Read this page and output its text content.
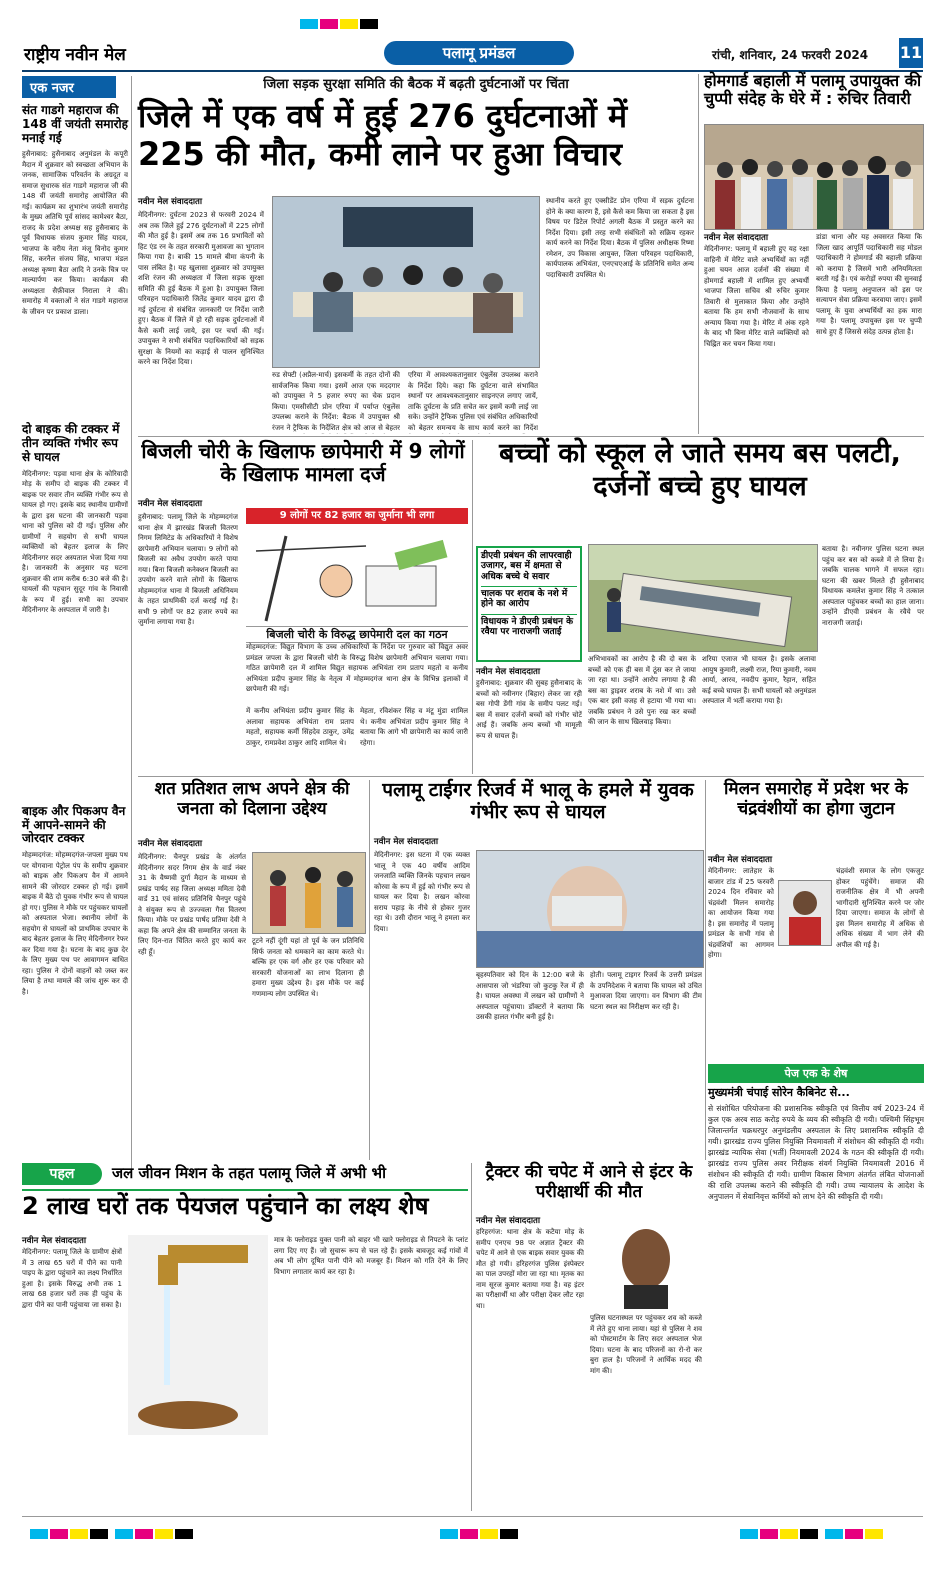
राष्ट्रीय नवीन मेल	पलामू प्रमंडल	रांची, शनिवार, 24 फरवरी 2024 11
एक नजर
संत गाडगे महाराज की 148 वीं जयंती समारोह मनाई गई
हुसैनाबाद: हुसैनाबाद अनुमंडल के कपूरी मैदान में शुक्रवार को स्वच्छता अभियान के जनक, सामाजिक परिवर्तन के अग्रदूत व समाज सुधारक संत गाडगे महाराज जी की 148 वीं जयंती समारोह आयोजित की गई। कार्यक्रम का शुभारंभ जयंती समारोह के मुख्य अतिथि पूर्व सांसद कामेश्वर बैठा, राजद के प्रदेश अध्यक्ष सह हुसैनाबाद के पूर्व विधायक संजय कुमार सिंह यादव, भाजपा के वरीय नेता मंजू विनोद कुमार सिंह, करनैल संजय सिंह, भाजपा मंडल अध्यक्ष कृष्णा बैठा आदि ने उनके चित्र पर माल्यार्पण कर किया। कार्यक्रम की अध्यक्षता सैफ़ीवाल निराला ने की। समारोह में वक्ताओं ने संत गाडगे महाराज के जीवन पर प्रकाश डाला।
दो बाइक की टक्कर में तीन व्यक्ति गंभीर रूप से घायल
मेदिनीनगर: पड़वा थाना क्षेत्र के कोरिवादी मोड़ के समीप दो बाइक की टक्कर में बाइक पर सवार तीन व्यक्ति गंभीर रूप से घायल हो गए। इसके बाद स्थानीय ग्रामीणों के द्वारा इस घटना की जानकारी पड़वा थाना को पुलिस को दी गई। पुलिस और ग्रामीणों ने सहयोग से सभी घायल व्यक्तियों को बेहतर इलाज के लिए मेदिनीनगर सदर अस्पताल भेजा दिया गया है। जानकारी के अनुसार यह घटना शुक्रवार की शाम करीब 6:30 बजे की है। घायलों की पहचान सुदूर गांव के निवासी के रूप में हुई। सभी का उपचार मेदिनीनगर के अस्पताल में जारी है।
बाइक और पिकअप वैन में आपने-सामने की जोरदार टक्कर
मोहम्मदगंज: मोहम्मदगंज-जपला मुख्य पथ पर योगवाना पेट्रोल पंप के समीप शुक्रवार को बाइक और पिकअप वैन में आमने सामने की जोरदार टक्कर हो गई। इसमें बाइक में बैठे दो युवक गंभीर रूप से घायल हो गए। पुलिस ने मौके पर पहुंचकर घायलों को अस्पताल भेजा। स्थानीय लोगों के सहयोग से घायलों को प्राथमिक उपचार के बाद बेहतर इलाज के लिए मेदिनीनगर रेफर कर दिया गया है। घटना के बाद कुछ देर के लिए मुख्य पथ पर आवागमन बाधित रहा। पुलिस ने दोनों वाहनों को जब्त कर लिया है तथा मामले की जांच शुरू कर दी है।
जिला सड़क सुरक्षा समिति की बैठक में बढ़ती दुर्घटनाओं पर चिंता
जिले में एक वर्ष में हुई 276 दुर्घटनाओं में 225 की मौत, कमी लाने पर हुआ विचार
नवीन मेल संवाददाता
मेदिनीनगर: दुर्घटना 2023 से फरवरी 2024 में अब तक जिले हुई 276 दुर्घटनाओं में 225 लोगों की मौत हुई है। इसमें अब तक 16 प्रभावितों को हिट एंड रन के तहत सरकारी मुआवजा का भुगतान किया गया है। बाकी 15 मामले बीमा कंपनी के पास लंबित है। यह खुलासा शुक्रवार को उपायुक्त शशि रंजन की अध्यक्षता में जिला सड़क सुरक्षा समिति की हुई बैठक में हुआ है। उपायुक्त जिला परिवहन पदाधिकारी जितेंद्र कुमार यादव द्वारा दी गई दुर्घटना से संबंधित जानकारी पर निर्देश जारी हुए। बैठक में जिले में हो रही सड़क दुर्घटनाओं में कैसे कमी लाई जाये, इस पर चर्चा की गई। उपायुक्त ने सभी संबंधित पदाधिकारियों को सड़क सुरक्षा के नियमों का कड़ाई से पालन सुनिश्चित करने का निर्देश दिया।
रुड सेफ्टी (अप्रैल-मार्च) इसकर्मी के तहत दोनों की सार्वजनिक किया गया। इसमें आज एक मददगार को उपायुक्त ने 5 हजार रुपए का चेक प्रदान किया। एमसीसीटी प्रोन एरिया में पर्याप्त एंबुलेंस उपलब्ध कराने के निर्देश: बैठक में उपायुक्त श्री रंजन ने ट्रैफिक के निर्देशित क्षेत्र को आज से बेहतर
एरिया में आवश्यकतानुसार एंबुलेंस उपलब्ध कराने के निर्देश दिये। कहा कि दुर्घटना वाले संभावित स्थानों पर आवश्यकतानुसार साइनएज लगाए जायें, ताकि दुर्घटना के प्रति सचेत कर इसमें कमी लाई जा सके। उन्होंने ट्रैफिक पुलिस एवं संबंधित अधिकारियों को बेहतर समन्वय के साथ कार्य करने का निर्देश
स्थानीय करते हुए एक्सीडेंट प्रोन एरिया में सड़क दुर्घटना होने के क्या कारण हैं, इसे कैसे कम किया जा सकता है इस विषय पर डिटेल रिपोर्ट अगली बैठक में प्रस्तुत करने का निर्देश दिया। इसी तरह सभी संबंधितों को सक्रिय रहकर कार्य करने का निर्देश दिया। बैठक में पुलिस अधीक्षक रिष्मा रमेशन, उप विकास आयुक्त, जिला परिवहन पदाधिकारी, कार्यपालक अभियंता, एनएचएआई के प्रतिनिधि समेत अन्य पदाधिकारी उपस्थित थे।
होमगार्ड बहाली में पलामू उपायुक्त की चुप्पी संदेह के घेरे में : रुचिर तिवारी
नवीन मेल संवाददाता
मेदिनीनगर: पलामू में बहाली हुए यह रक्षा वाहिनी में मेरिट वाले अभ्यर्थियों का नहीं हुआ चयन आज दर्जनों की संख्या में होमगार्ड बहाली में शामिल हुए अभ्यर्थी भाजपा जिला सचिव श्री रुचिर कुमार तिवारी से मुलाकात किया और उन्होंने बताया कि हम सभी नौजवानों के साथ अन्याय किया गया है। मेरिट में अंक रहने के बाद भी बिना मेरिट वाले व्यक्तियों को चिह्नित कर चयन किया गया।
डांडा थाना और यह अवसरत किया कि जिला खाद आपूर्ति पदाधिकारी सह मोडल पदाधिकारी ने होमगार्ड की बहाली प्रक्रिया को कराया है जिसमें भारी अनियमितता बरती गई है। एवं करोड़ों रुपया की सुनवाई किया है पलामू अनुपालन को इस पर सत्यापन सेवा प्रक्रिया करवाया जाए। इसमें पलामू के युवा अभ्यर्थियों का हक मारा गया है। पलामू उपायुक्त इस पर चुप्पी साधे हुए हैं जिससे संदेह उत्पन्न होता है।
बिजली चोरी के खिलाफ छापेमारी में 9 लोगों के खिलाफ मामला दर्ज
नवीन मेल संवाददाता
हुसैनाबाद: पलामू जिले के मोहम्मदगंज थाना क्षेत्र में झारखंड बिजली वितरण निगम लिमिटेड के अधिकारियों ने विशेष छापेमारी अभियान चलाया। 9 लोगों को बिजली का अवैध उपयोग करते पाया गया। बिना बिजली कनेक्शन बिजली का उपयोग करने वाले लोगों के खिलाफ मोहम्मदगंज थाना में बिजली अधिनियम के तहत प्राथमिकी दर्ज कराई गई है। सभी 9 लोगों पर 82 हजार रुपये का जुर्माना लगाया गया है।
9 लोगों पर 82 हजार का जुर्माना भी लगा
बिजली चोरी के विरुद्ध छापेमारी दल का गठन
मोहम्मदगंज: विद्युत विभाग के उच्च अधिकारियों के निर्देश पर गुरुवार को विद्युत अवर प्रमंडल जपला के द्वारा बिजली चोरी के विरुद्ध विशेष छापेमारी अभियान चलाया गया। गठित छापेमारी दल में शामिल विद्युत सहायक अभियंता राम प्रताप महतो व कनीय अभियंता प्रदीप कुमार सिंह के नेतृत्व में मोहम्मदगंज थाना क्षेत्र के विभिन्न इलाकों में छापेमारी की गई।
में कनीय अभियंता प्रदीप कुमार सिंह के अलावा सहायक अभियंता राम प्रताप महतो, सहायक कर्मी सिंहदेव ठाकुर, उमेंद्र ठाकुर, रामप्रवेश ठाकुर आदि शामिल थे।
मेहता, रविशंकर सिंह व मंटू मुंडा शामिल थे। कनीय अभियंता प्रदीप कुमार सिंह ने बताया कि आगे भी छापेमारी का कार्य जारी रहेगा।
बच्चों को स्कूल ले जाते समय बस पलटी, दर्जनों बच्चे हुए घायल
डीएवी प्रबंधन की लापरवाही उजागर, बस में क्षमता से अधिक बच्चे थे सवार
चालक पर शराब के नशे में होने का आरोप
विधायक ने डीएवी प्रबंधन के रवैया पर नाराजगी जताई
नवीन मेल संवाददाता
हुसैनाबाद: शुक्रवार की सुबह हुसैनाबाद के बच्चों को नवीनगर (बिहार) लेकर जा रही बस गोपी डेंगी गांव के समीप पलट गई। बस में सवार दर्जनों बच्चों को गंभीर चोटें आई हैं। जबकि अन्य बच्चों भी मामूली रूप से घायल हैं।
अभिभावकों का आरोप है की दो बस के बच्चों को एक ही बस में ठूंस कर ले जाया जा रहा था। उन्होंने आरोप लगाया है की बस का ड्राइवर शराब के नशे में था। उसे एक बार इसी वजह से हटाया भी गया था। जबकि प्रबंधन ने उसे पुनः रख कर बच्चों की जान के साथ खिलवाड़ किया।
शरिया एजाज भी घायल है। इसके अलावा आयुष कुमारी, लक्ष्मी राज, रिया कुमारी, नवम आर्या, आरव, नवदीप कुमार, रैहान, सहित कई बच्चे घायल हैं। सभी घायलों को अनुमंडल अस्पताल में भर्ती कराया गया है।
बताया है। नवीनगर पुलिस घटना स्थल पहुंच कर बस को कब्जे में ले लिया है। जबकि चालक भागने में सफल रहा। घटना की खबर मिलते ही हुसैनाबाद विधायक कमलेश कुमार सिंह ने तत्काल अस्पताल पहुंचकर बच्चों का हाल जाना। उन्होंने डीएवी प्रबंधन के रवैये पर नाराजगी जताई।
शत प्रतिशत लाभ अपने क्षेत्र की जनता को दिलाना उद्देश्य
नवीन मेल संवाददाता
मेदिनीनगर: चैनपुर प्रखंड के अंतर्गत मेदिनीनगर सदर निगम क्षेत्र के वार्ड नंबर 31 के वैष्णवी दुर्गा मैदान के माध्यम से प्रखंड पार्षद सह जिला अध्यक्ष ममिता देवी वार्ड 31 एवं सांसद प्रतिनिधि चैनपुर पहुंचे ने संयुक्त रूप से उज्ज्वला गैस वितरण किया। मौके पर प्रखंड पार्षद प्रतिमा देवी ने कहा कि अपने क्षेत्र की सम्मानित जनता के लिए दिन-रात चिंतित करते हुए कार्य कर रही हूँ।
टूटने नहीं दूंगी यहां तो पूर्व के जन प्रतिनिधि सिर्फ जनता को धमकाने का काम करते थे। बल्कि हर एक वर्ग और हर एक परिवार को सरकारी योजनाओं का लाभ दिलाना ही हमारा मुख्य उद्देश्य है। इस मौके पर कई गणमान्य लोग उपस्थित थे।
पलामू टाईगर रिजर्व में भालू के हमले में युवक गंभीर रूप से घायल
नवीन मेल संवाददाता
मेदिनीनगर: इस घटना में एक व्यक्त भालू ने एक 40 वर्षीय आदिम जनजाति व्यक्ति जिनके पहचान लखन कोरवा के रूप में हुई को गंभीर रूप से घायल कर दिया है। लखन कोरवा सराय पहाड़ के नीचे से होकर गुजर रहा थे। उसी दौरान भालू ने हमला कर दिया।
बृहस्पतिवार को दिन के 12:00 बजे के आसपास जो भंडरिया जो कुटकु रेंज में ही है। घायल अवस्था में लखन को ग्रामीणों ने अस्पताल पहुंचाया। डॉक्टरों ने बताया कि उसकी हालत गंभीर बनी हुई है।
होती। पलामू टाइगर रिजर्व के उत्तरी प्रमंडल के उपनिदेशक ने बताया कि घायल को उचित मुआवजा दिया जाएगा। वन विभाग की टीम घटना स्थल का निरीक्षण कर रही है।
मिलन समारोह में प्रदेश भर के चंद्रवंशीयों का होगा जुटान
नवीन मेल संवाददाता
मेदिनीनगर: लातेहार के बाजार टांड में 25 फरवरी 2024 दिन रविवार को चंद्रवंशी मिलन समारोह का आयोजन किया गया है। इस समारोह में पलामू प्रमंडल के सभी गांव से चंद्रवंशियों का आगमन होगा।
चंद्रवंशी समाज के लोग एकजुट होकर पहुंचेंगे। समाज की राजनीतिक क्षेत्र में भी अपनी भागीदारी सुनिश्चित करने पर जोर दिया जाएगा। समाज के लोगों से इस मिलन समारोह में अधिक से अधिक संख्या में भाग लेने की अपील की गई है।
पेज एक के शेष
मुख्यमंत्री चंपाई सोरेन कैबिनेट से...
से संशोधित परियोजना की प्रशासनिक स्वीकृति एवं वित्तीय वर्ष 2023-24 में कुल एक अरब साठ करोड़ रुपये के व्यय की स्वीकृति दी गयी। पश्चिमी सिंहभूम जिलान्तर्गत चक्रधरपुर अनुमंडलीय अस्पताल के लिए प्रशासनिक स्वीकृति दी गयी। झारखंड राज्य पुलिस नियुक्ति नियमावली में संशोधन की स्वीकृति दी गयी। झारखंड न्यायिक सेवा (भर्ती) नियमावली 2024 के गठन की स्वीकृति दी गयी। झारखंड राज्य पुलिस अवर निरीक्षक संवर्ग नियुक्ति नियमावली 2016 में संशोधन की स्वीकृति दी गयी। ग्रामीण विकास विभाग अंतर्गत लंबित योजनाओं की राशि उपलब्ध कराने की स्वीकृति दी गयी। उच्च न्यायालय के आदेश के अनुपालन में सेवानिवृत्त कर्मियों को लाभ देने की स्वीकृति दी गयी।
पहल	जल जीवन मिशन के तहत पलामू जिले में अभी भी
2 लाख घरों तक पेयजल पहुंचाने का लक्ष्य शेष
नवीन मेल संवाददाता
मेदिनीनगर: पलामू जिले के ग्रामीण क्षेत्रों में 3 लाख 65 घरों में पीने का पानी पाइप के द्वारा पहुंचाने का लक्ष्य निर्धारित हुआ है। इसके विरुद्ध अभी तक 1 लाख 68 हजार घरों तक ही पहुंच के द्वारा पीने का पानी पहुंचाया जा सका है।
मात्र के फ्लोराइड युक्त पानी को बाहर भी खारे फ्लोराइड से निपटने के प्लांट लगा दिए गए हैं। जो सुचारू रूप से चल रहे हैं। इसके बावजूद कई गांवों में अब भी लोग दूषित पानी पीने को मजबूर हैं। मिशन को गति देने के लिए विभाग लगातार कार्य कर रहा है।
ट्रैक्टर की चपेट में आने से इंटर के परीक्षार्थी की मौत
नवीन मेल संवाददाता
हरिहरगंज: थाना क्षेत्र के कटैया मोड़ के समीप एनएच 98 पर अज्ञात ट्रैक्टर की चपेट में आने से एक बाइक सवार युवक की मौत हो गयी। हरिहरगंज पुलिस इंस्पेक्टर का पाल उपरहों मोरा जा रहा था। मृतक का नाम सूरज कुमार बताया गया है। वह इंटर का परीक्षार्थी था और परीक्षा देकर लौट रहा था।
पुलिस घटनास्थल पर पहुंचकर शव को कब्जे में लेते हुए थाना लाया। यहां से पुलिस ने शव को पोस्टमार्टम के लिए सदर अस्पताल भेज दिया। घटना के बाद परिजनों का रो-रो कर बुरा हाल है। परिजनों ने आर्थिक मदद की मांग की।
